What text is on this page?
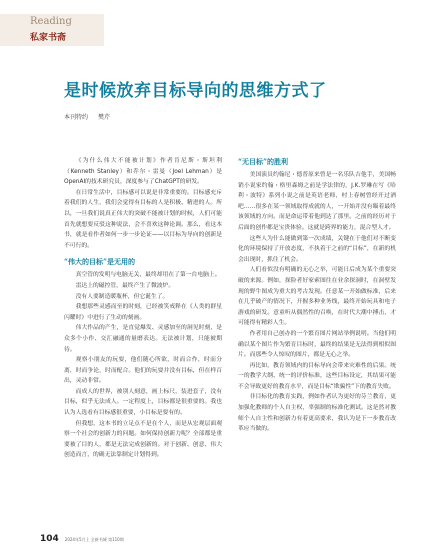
Reading
私家书斋
是时候放弃目标导向的思维方式了
本刊特约 樊芹

《为什么伟大不能被计划》作者肯尼斯・斯坦利（Kenneth Stanley）和乔尔・雷曼（Joel Lehman）是OpenAI的技术研究员，深度参与了ChatGPT的研发。

在日常生活中，目标感可以说是非常重要的。目标感充斥着我们的人生，我们会觉得有目标的人是积极、精进的人。所以，一旦我们说真正伟大的突破不能被计划的时候，人们可能首先就想要反驳这种说法，会不喜欢这种论调。那么，看这本书，就是看作者如何一步一步论证——以目标为导向的创新是不可行的。

“伟大的目标”是无用的

真空管的发明与电脑无关，最终却用在了第一台电脑上。

雷达上的磁控管，最终产生了微波炉。

没有人要制造暖瓶杯，但它诞生了。

我想那些灵感而至的时刻，已经被笑戒释在《人类的群星闪耀时》中进行了生动的刻画。

伟大作品的产生，是直觉爆发、灵感加至的洞见时刻，是众多个小作、交汇融通的量磨表达。无法被计划，只能被期待。

观察小朋友的玩耍，他们随心所欲，时而合作，时而分离，时而争论，时而配合。他们的玩耍并没有目标，但在样百出，灵动非常。

而成人的世界，被别人刻意，画上标尺，装进套子，没有目标，似乎无法成人。一定程度上，目标都是很重要的。我也认为人选看有目标感很重要，小目标是要有的。

但我想，这本书的立足点不是在个人，而是从宏观层面观察一个社会的创新力的问题。如何保持创新力呢？全部都是重要被了目的人，都是无法完成创新的。对于创新、创意、伟大创造而言，的确无法靠制定计划得到。

“无目标”的胜利

美国演员约翰尼・德普原来曾是一名乐队吉他手，美国畅销小说家约翰・格里森姆之前是学法律的，J.K.罗琳在写《哈利・波特》系列小说之前是英语老师，村上春树曾经开过酒吧……很多在某一领域取得成就的人，一开始并没有瞄着最终该领域的方向。而是命运带着他到达了那里。之前的经历对于后面的创作都是宝贵体验。这就是跨界的能力，混合型人才。

这些人为什么能做到第一次成绩，关键在于他们对不断变化的环境保持了开放态度，不执着于之前的“目标”，在新的机会出现时，抓住了机会。

人们看似没有明确的无心之举，可能日后成为某个重要突破的来源。例如，探险者好家索图往在业余探洞时，在洞壁发现的野牛图成为重大的考古发现。任意某一开始做标准，后来在几乎破产的情况下，开握多种业务线，最终开始玩具和电子游戏的研发。意童听从偶然性的召唤，在时代大潮中搏击，才可能得有精彩人生。

作者用自己创办的一个繁育图片网站举例说明。当他们明确以某个图片作为繁育目标时，最终的结果是无法得到相似图片。而那些令人惊叹的图片，都是无心之举。

再比如，教育领域内的目标导向会带来灾难性的后果。统一的教学大纲、统一的评价标准，这些目标设定，其结果可能不会导致更好的教育水平，而是目标“欺骗性”下的教育失败。

非目标化的教育实践，例如作者认为更好的芬兰教育，更加强化教师的个人自主权，辜强制的标准化测试。这是然对教师个人自主性和创新力有着更高要求，我认为是下一步教育改革应当做的。

104 2024年5月上 全新书城 第110期
